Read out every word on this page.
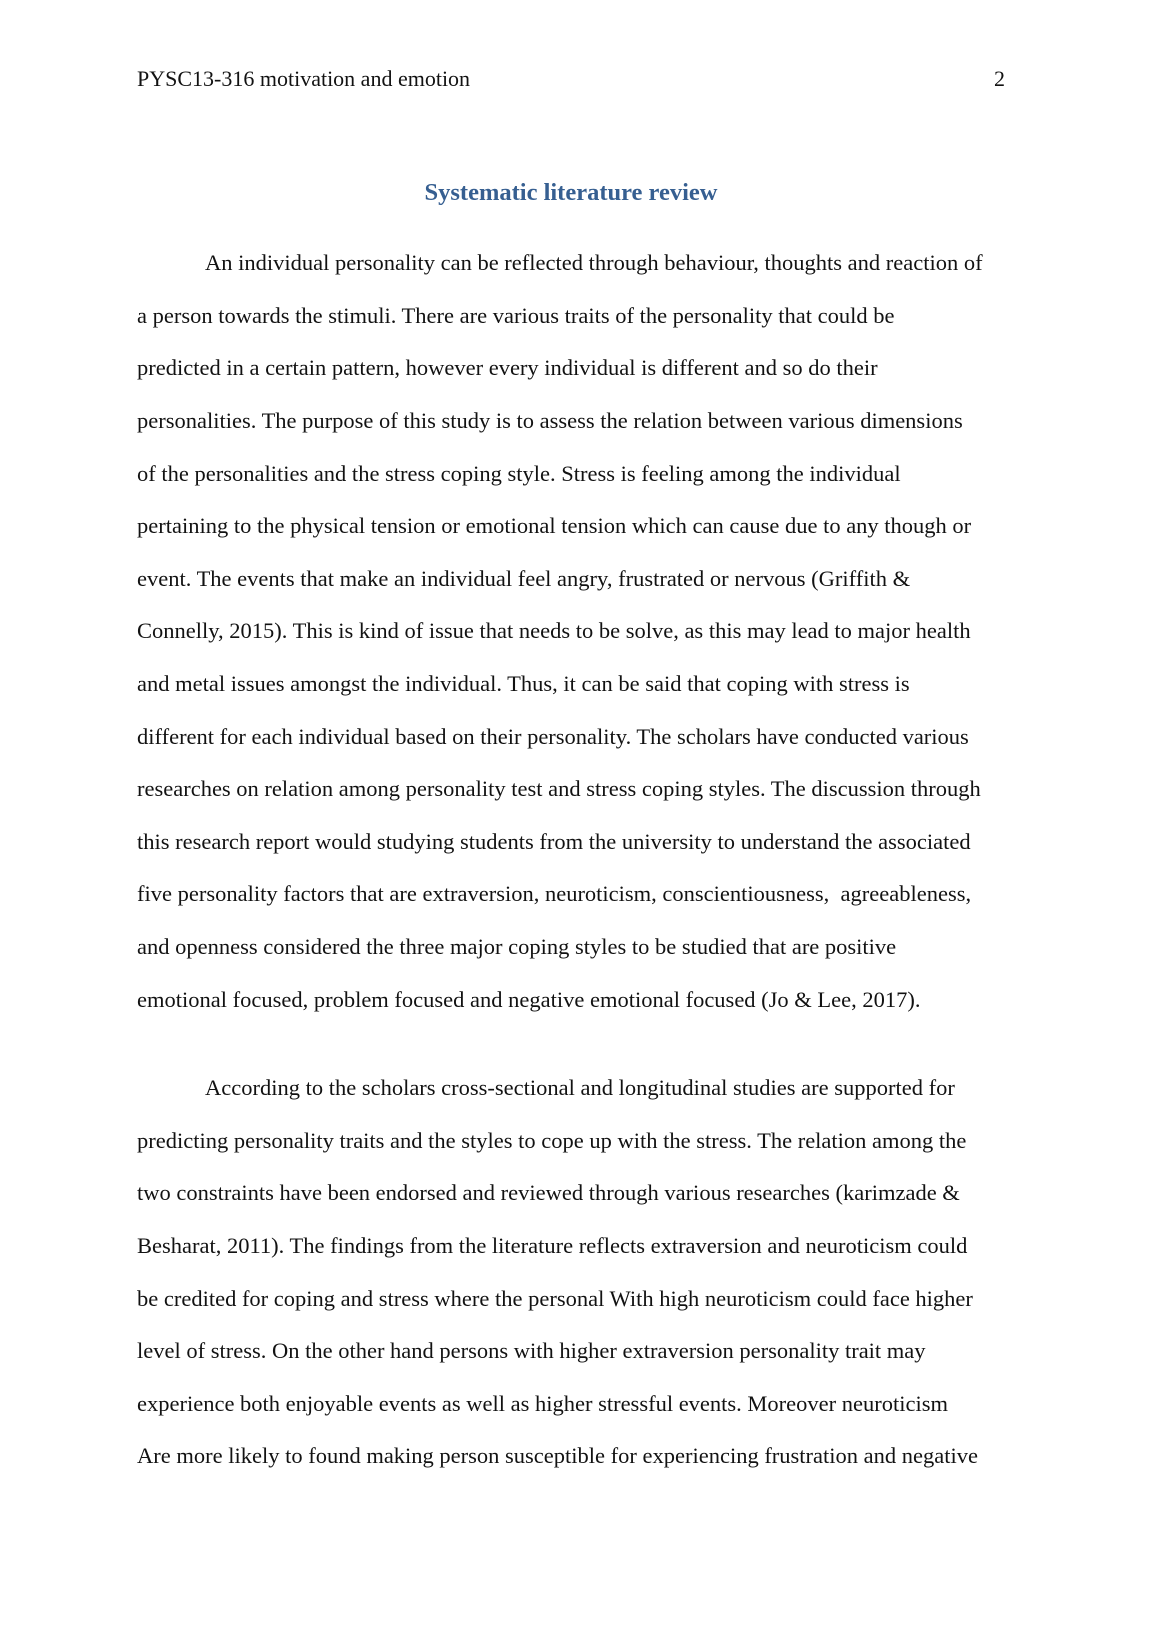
PYSC13-316 motivation and emotion	2
Systematic literature review
An individual personality can be reflected through behaviour, thoughts and reaction of
a person towards the stimuli. There are various traits of the personality that could be
predicted in a certain pattern, however every individual is different and so do their
personalities. The purpose of this study is to assess the relation between various dimensions
of the personalities and the stress coping style. Stress is feeling among the individual
pertaining to the physical tension or emotional tension which can cause due to any though or
event. The events that make an individual feel angry, frustrated or nervous (Griffith &
Connelly, 2015). This is kind of issue that needs to be solve, as this may lead to major health
and metal issues amongst the individual. Thus, it can be said that coping with stress is
different for each individual based on their personality. The scholars have conducted various
researches on relation among personality test and stress coping styles. The discussion through
this research report would studying students from the university to understand the associated
five personality factors that are extraversion, neuroticism, conscientiousness,  agreeableness,
and openness considered the three major coping styles to be studied that are positive
emotional focused, problem focused and negative emotional focused (Jo & Lee, 2017).
According to the scholars cross-sectional and longitudinal studies are supported for
predicting personality traits and the styles to cope up with the stress. The relation among the
two constraints have been endorsed and reviewed through various researches (karimzade &
Besharat, 2011). The findings from the literature reflects extraversion and neuroticism could
be credited for coping and stress where the personal With high neuroticism could face higher
level of stress. On the other hand persons with higher extraversion personality trait may
experience both enjoyable events as well as higher stressful events. Moreover neuroticism
Are more likely to found making person susceptible for experiencing frustration and negative
